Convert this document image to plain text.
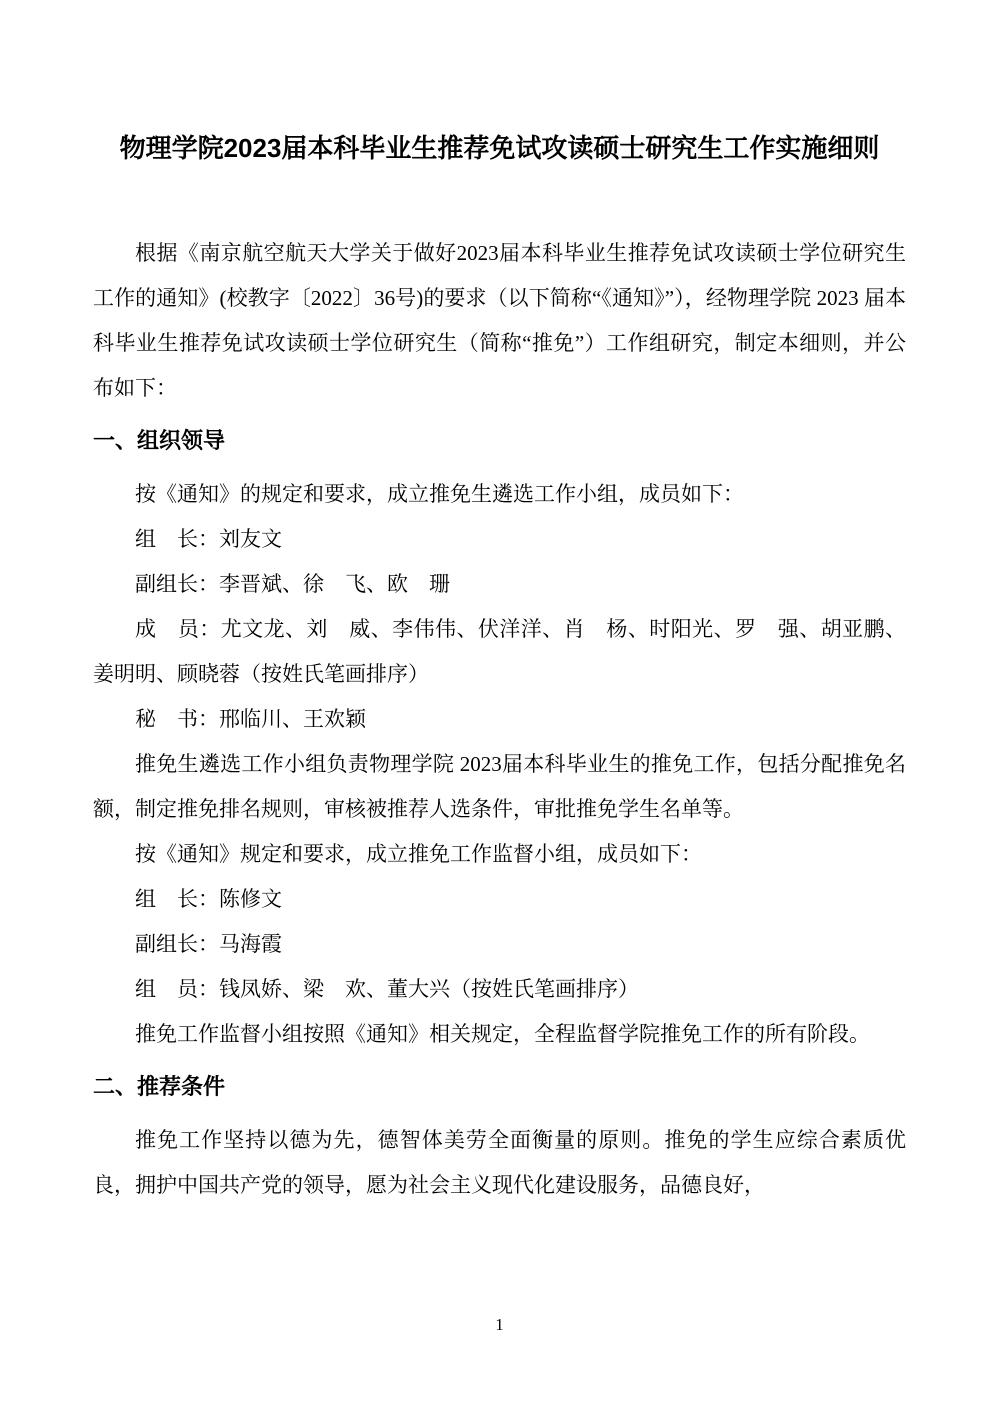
物理学院2023届本科毕业生推荐免试攻读硕士研究生工作实施细则

根据《南京航空航天大学关于做好2023届本科毕业生推荐免试攻读硕士学位研究生工作的通知》(校教字〔2022〕36号)的要求（以下简称“《通知》”），经物理学院 2023 届本科毕业生推荐免试攻读硕士学位研究生（简称“推免”）工作组研究，制定本细则，并公布如下：

一、组织领导

按《通知》的规定和要求，成立推免生遴选工作小组，成员如下：

组　长：刘友文

副组长：李晋斌、徐　飞、欧　珊

成　员：尤文龙、刘　威、李伟伟、伏洋洋、肖　杨、时阳光、罗　强、胡亚鹏、姜明明、顾晓蓉（按姓氏笔画排序）

秘　书：邢临川、王欢颖

推免生遴选工作小组负责物理学院 2023届本科毕业生的推免工作，包括分配推免名额，制定推免排名规则，审核被推荐人选条件，审批推免学生名单等。

按《通知》规定和要求，成立推免工作监督小组，成员如下：

组　长：陈修文

副组长：马海霞

组　员：钱凤娇、梁　欢、董大兴（按姓氏笔画排序）

推免工作监督小组按照《通知》相关规定，全程监督学院推免工作的所有阶段。

二、推荐条件

推免工作坚持以德为先，德智体美劳全面衡量的原则。推免的学生应综合素质优良，拥护中国共产党的领导，愿为社会主义现代化建设服务，品德良好，

1
